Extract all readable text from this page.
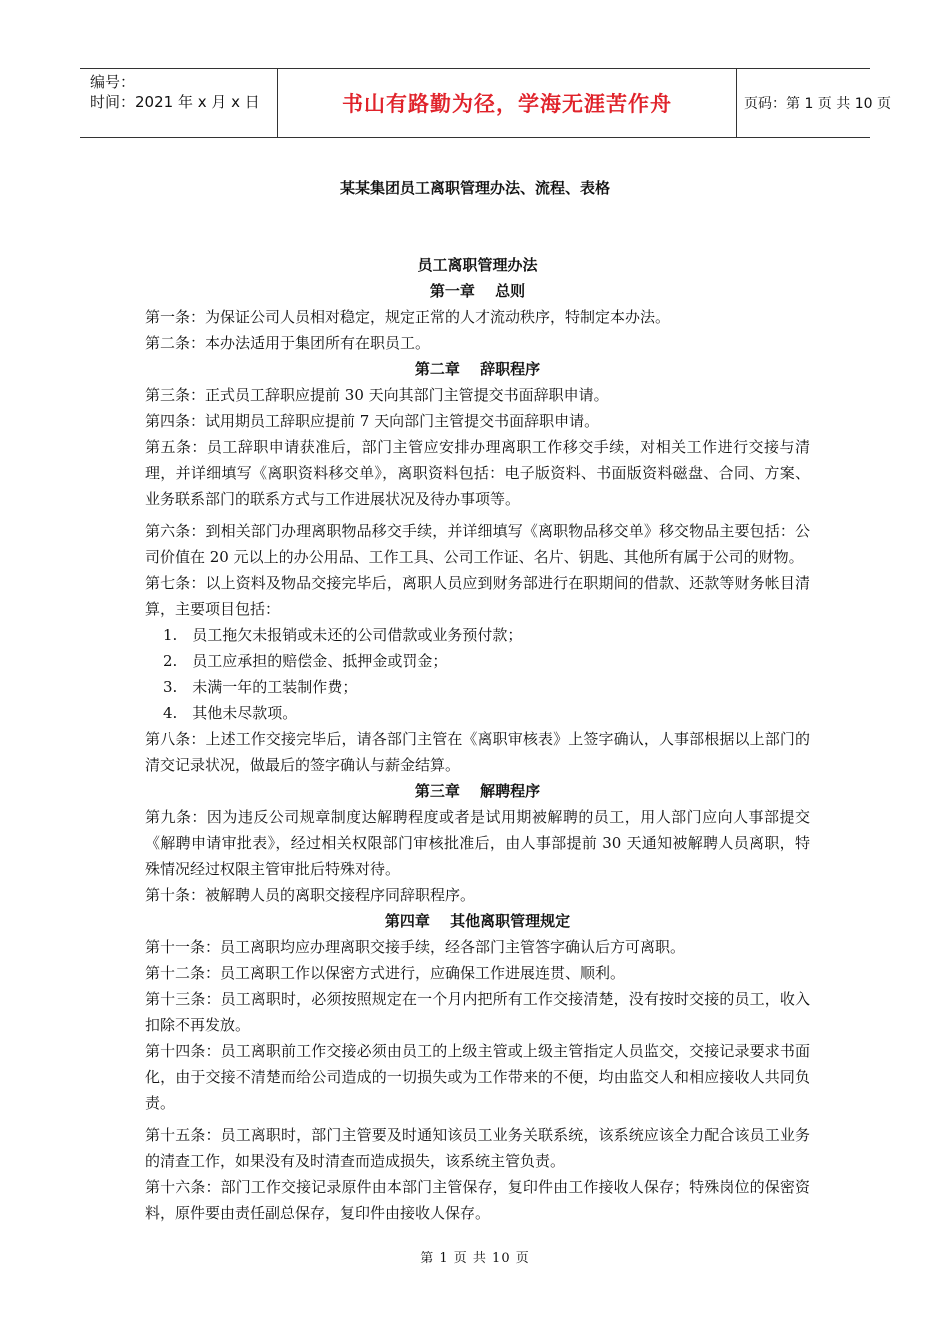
编号：
时间：2021 年 x 月 x 日	书山有路勤为径，学海无涯苦作舟	页码：第 1 页 共 10 页
某某集团员工离职管理办法、流程、表格
员工离职管理办法
第一章　 总则
第一条：为保证公司人员相对稳定，规定正常的人才流动秩序，特制定本办法。
第二条：本办法适用于集团所有在职员工。
第二章　 辞职程序
第三条：正式员工辞职应提前 30 天向其部门主管提交书面辞职申请。
第四条：试用期员工辞职应提前 7 天向部门主管提交书面辞职申请。
第五条：员工辞职申请获准后，部门主管应安排办理离职工作移交手续，对相关工作进行交接与清理，并详细填写《离职资料移交单》，离职资料包括：电子版资料、书面版资料磁盘、合同、方案、业务联系部门的联系方式与工作进展状况及待办事项等。
第六条：到相关部门办理离职物品移交手续，并详细填写《离职物品移交单》移交物品主要包括：公司价值在 20 元以上的办公用品、工作工具、公司工作证、名片、钥匙、其他所有属于公司的财物。
第七条：以上资料及物品交接完毕后，离职人员应到财务部进行在职期间的借款、还款等财务帐目清算，主要项目包括：
1.　员工拖欠未报销或未还的公司借款或业务预付款；
2.　员工应承担的赔偿金、抵押金或罚金；
3.　未满一年的工装制作费；
4.　其他未尽款项。
第八条：上述工作交接完毕后，请各部门主管在《离职审核表》上签字确认，人事部根据以上部门的清交记录状况，做最后的签字确认与薪金结算。
第三章　 解聘程序
第九条：因为违反公司规章制度达解聘程度或者是试用期被解聘的员工，用人部门应向人事部提交《解聘申请审批表》，经过相关权限部门审核批准后，由人事部提前 30 天通知被解聘人员离职，特殊情况经过权限主管审批后特殊对待。
第十条：被解聘人员的离职交接程序同辞职程序。
第四章　 其他离职管理规定
第十一条：员工离职均应办理离职交接手续，经各部门主管答字确认后方可离职。
第十二条：员工离职工作以保密方式进行，应确保工作进展连贯、顺利。
第十三条：员工离职时，必须按照规定在一个月内把所有工作交接清楚，没有按时交接的员工，收入扣除不再发放。
第十四条：员工离职前工作交接必须由员工的上级主管或上级主管指定人员监交，交接记录要求书面化，由于交接不清楚而给公司造成的一切损失或为工作带来的不便，均由监交人和相应接收人共同负责。
第十五条：员工离职时，部门主管要及时通知该员工业务关联系统，该系统应该全力配合该员工业务的清查工作，如果没有及时清查而造成损失，该系统主管负责。
第十六条：部门工作交接记录原件由本部门主管保存，复印件由工作接收人保存；特殊岗位的保密资料，原件要由责任副总保存，复印件由接收人保存。
第 1 页 共 10 页
